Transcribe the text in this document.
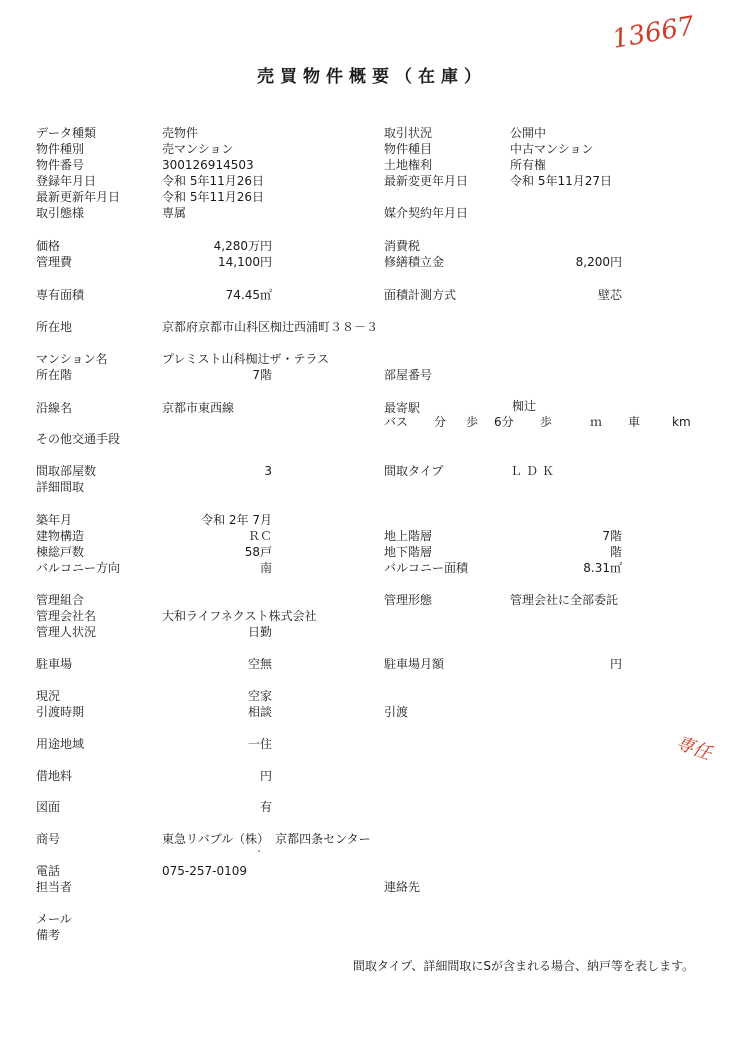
13667
専任
売買物件概要（在庫）
データ種類
物件種別
物件番号
登録年月日
最新更新年月日
取引態様
価格
管理費
専有面積
所在地
マンション名
所在階
沿線名
その他交通手段
間取部屋数
詳細間取
築年月
建物構造
棟総戸数
バルコニー方向
管理組合
管理会社名
管理人状況
駐車場
現況
引渡時期
用途地域
借地料
図面
商号
電話
担当者
メール
備考
売物件
売マンション
300126914503
令和 5年11月26日
令和 5年11月26日
専属
4,280万円
14,100円
74.45㎡
京都府京都市山科区椥辻西浦町３８－３
プレミスト山科椥辻ザ・テラス
7階
京都市東西線
3
令和 2年 7月
ＲＣ
58戸
南
大和ライフネクスト株式会社
日勤
空無
空家
相談
一住
円
有
東急リバブル（株）　京都四条センター
075-257-0109
取引状況
物件種目
土地権利
最新変更年月日
媒介契約年月日
消費税
修繕積立金
面積計測方式
部屋番号
最寄駅
間取タイプ
地上階層
地下階層
バルコニー面積
管理形態
駐車場月額
引渡
連絡先
公開中
中古マンション
所有権
令和 5年11月27日
8,200円
壁芯
椥辻
バス 分 歩 6分 歩	ｍ 車	km
ＬＤＫ
7階
階
8.31㎡
管理会社に全部委託
円
間取タイプ、詳細間取にSが含まれる場合、納戸等を表します。
